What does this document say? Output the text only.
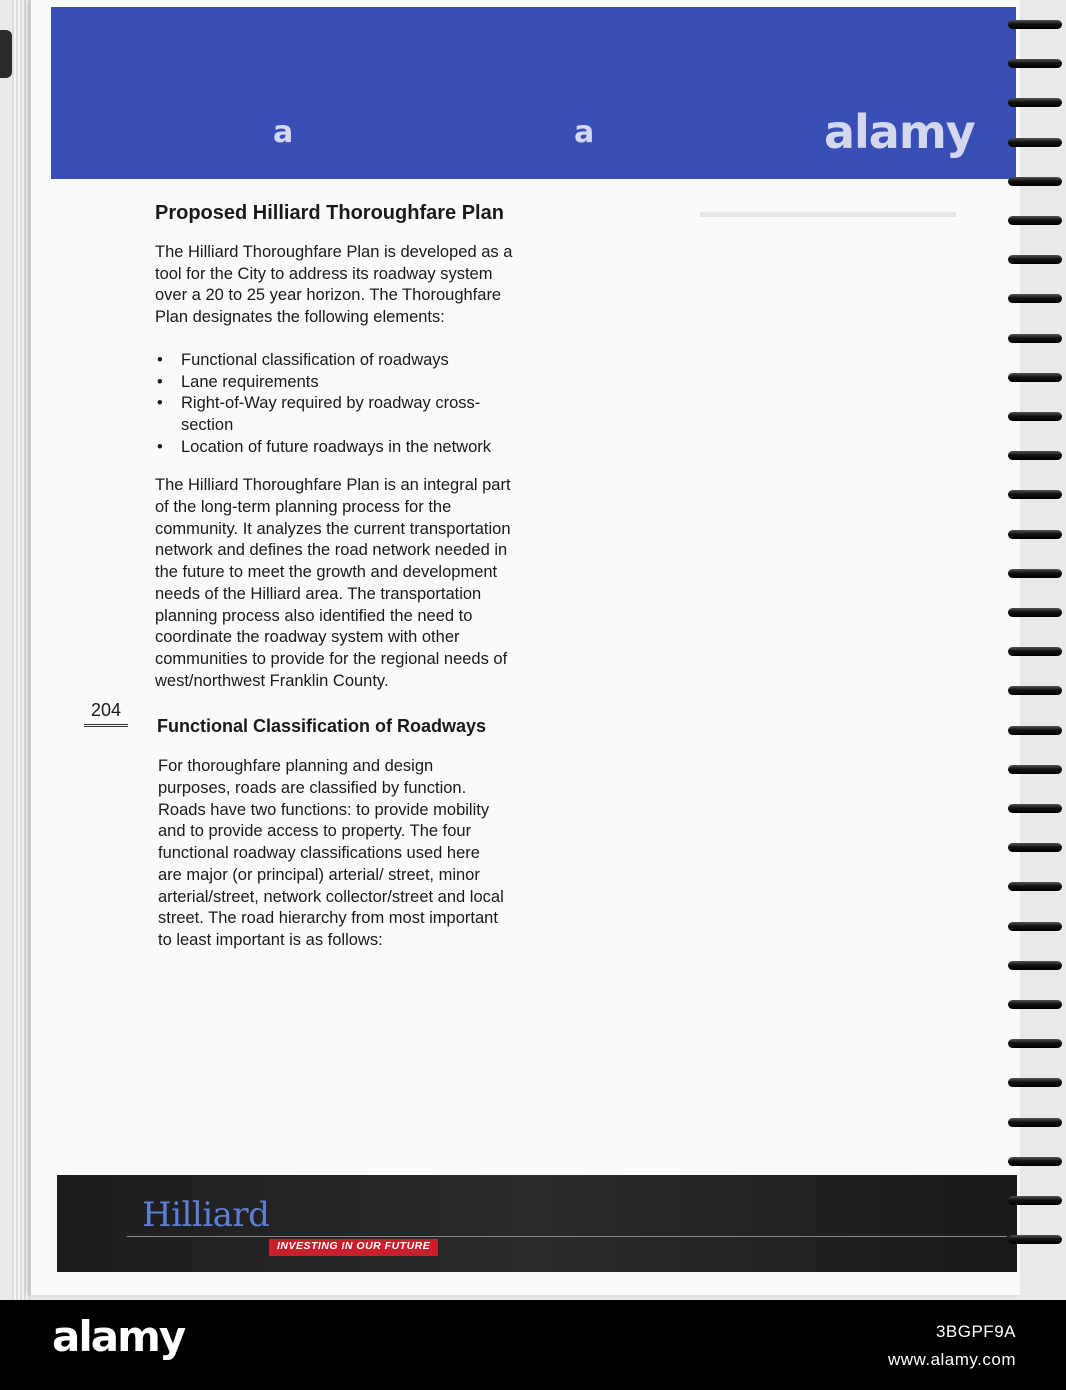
a	a	alamy
▬▬▬▬▬▬▬▬▬▬▬▬▬▬▬▬
Proposed Hilliard Thoroughfare Plan

The Hilliard Thoroughfare Plan is developed as a tool for the City to address its roadway system over a 20 to 25 year horizon. The Thoroughfare Plan designates the following elements:

• Functional classification of roadways
• Lane requirements
• Right-of-Way required by roadway cross-section
• Location of future roadways in the network

The Hilliard Thoroughfare Plan is an integral part of the long-term planning process for the community. It analyzes the current transportation network and defines the road network needed in the future to meet the growth and development needs of the Hilliard area. The transportation planning process also identified the need to coordinate the roadway system with other communities to provide for the regional needs of west/northwest Franklin County.

Functional Classification of Roadways

For thoroughfare planning and design purposes, roads are classified by function. Roads have two functions: to provide mobility and to provide access to property. The four functional roadway classifications used here are major (or principal) arterial/ street, minor arterial/street, network collector/street and local street. The road hierarchy from most important to least important is as follows:

204
Hilliard
INVESTING IN OUR FUTURE
alamy	3BGPF9A
www.alamy.com
